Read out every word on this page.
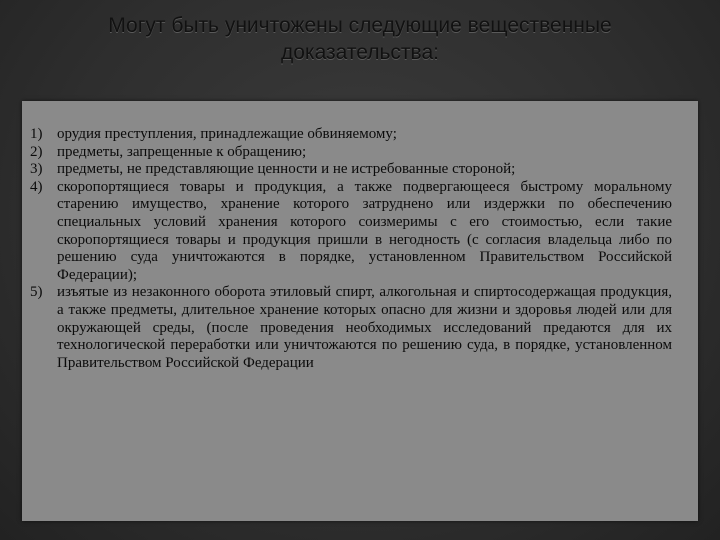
Могут быть уничтожены следующие вещественные доказательства:
1) орудия преступления, принадлежащие обвиняемому;
2) предметы, запрещенные к обращению;
3) предметы, не представляющие ценности и не истребованные стороной;
4) скоропортящиеся товары и продукция, а также подвергающееся быстрому моральному старению имущество, хранение которого затруднено или издержки по обеспечению специальных условий хранения которого соизмеримы с его стоимостью, если такие скоропортящиеся товары и продукция пришли в негодность (с согласия владельца либо по решению суда уничтожаются в порядке, установленном Правительством Российской Федерации);
5) изъятые из незаконного оборота этиловый спирт, алкогольная и спиртосодержащая продукция, а также предметы, длительное хранение которых опасно для жизни и здоровья людей или для окружающей среды, (после проведения необходимых исследований предаются для их технологической переработки или уничтожаются по решению суда, в порядке, установленном Правительством Российской Федерации
